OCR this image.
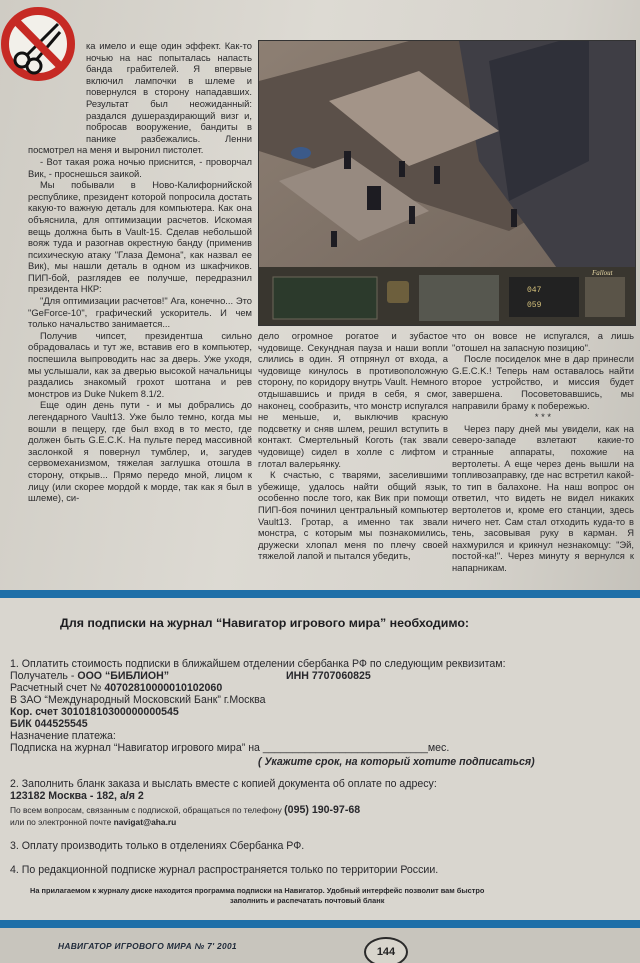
ка имело и еще один эффект. Как-то ночью на нас попыталась напасть банда грабителей. Я впервые включил лампочки в шлеме и повернулся в сторону нападавших. Результат был неожиданный: раздался душераздирающий визг и, побросав вооружение, бандиты в панике разбежались. Ленни посмотрел на меня и выронил пистолет.

- Вот такая рожа ночью приснится, - проворчал Вик, - проснешься заикой.

Мы побывали в Ново-Калифорнийской республике, президент которой попросила достать какую-то важную деталь для компьютера. Как она объяснила, для оптимизации расчетов. Искомая вещь должна быть в Vault-15. Сделав небольшой вояж туда и разогнав окрестную банду (применив психическую атаку "Глаза Демона", как назвал ее Вик), мы нашли деталь в одном из шкафчиков. ПИП-бой, разглядев ее получше, передразнил президента НКР:

"Для оптимизации расчетов!" Ага, конечно... Это "GeForce-10", графический ускоритель. И чем только начальство занимается...

Получив чипсет, президентша сильно обрадовалась и тут же, вставив его в компьютер, поспешила выпроводить нас за дверь. Уже уходя, мы услышали, как за дверью высокой начальницы раздались знакомый грохот шотгана и рев монстров из Duke Nukem 8.1/2.

Еще один день пути - и мы добрались до легендарного Vault13. Уже было темно, когда мы вошли в пещеру, где был вход в то место, где должен быть G.E.C.K. На пульте перед массивной заслонкой я повернул тумблер, и, загудев сервомеханизмом, тяжелая заглушка отошла в сторону, открыв... Прямо передо мной, лицом к лицу (или скорее мордой к морде, так как я был в шлеме), си-

047
059
Fallout

дело огромное рогатое и зубастое чудовище. Секундная пауза и наши вопли слились в один. Я отпрянул от входа, а чудовище кинулось в противоположную сторону, по коридору внутрь Vault. Немного отдышавшись и придя в себя, я смог, наконец, сообразить, что монстр испугался не меньше, и, выключив красную подсветку и сняв шлем, решил вступить в контакт. Смертельный Коготь (так звали чудовище) сидел в холле с лифтом и глотал валерьянку.

К счастью, с тварями, заселившими убежище, удалось найти общий язык, особенно после того, как Вик при помощи ПИП-боя починил центральный компьютер Vault13. Гротар, а именно так звали монстра, с которым мы познакомились, дружески хлопал меня по плечу своей тяжелой лапой и пытался убедить,

что он вовсе не испугался, а лишь "отошел на запасную позицию".

После посиделок мне в дар принесли G.E.C.K.! Теперь нам оставалось найти второе устройство, и миссия будет завершена. Посоветовавшись, мы направили браму к побережью.

* * *

Через пару дней мы увидели, как на северо-западе взлетают какие-то странные аппараты, похожие на вертолеты. А еще через день вышли на топливозаправку, где нас встретил какой-то тип в балахоне. На наш вопрос он ответил, что видеть не видел никаких вертолетов и, кроме его станции, здесь ничего нет. Сам стал отходить куда-то в тень, засовывая руку в карман. Я нахмурился и крикнул незнакомцу: "Эй, постой-ка!". Через минуту я вернулся к напарникам.

Для подписки на журнал “Навигатор игрового мира” необходимо:
1. Оплатить стоимость подписки в ближайшем отделении сбербанка РФ по следующим реквизитам:
Получатель - ООО “БИБЛИОН”	ИНН 7707060825
Расчетный счет № 40702810000010102060
В ЗАО “Международный Московский Банк” г.Москва
Кор. счет 30101810300000000545
БИК 044525545
Назначение платежа:
Подписка на журнал “Навигатор игрового мира” на ____________________________мес.
( Укажите срок, на который хотите подписаться)
2. Заполнить бланк заказа и выслать вместе с копией документа об оплате по адресу:
123182 Москва - 182, а/я 2
По всем вопросам, связанным с подпиской, обращаться по телефону (095) 190-97-68
или по электронной почте navigat@aha.ru
3. Оплату производить только в отделениях Сбербанка РФ.
4. По редакционной подписке журнал распространяется только по территории России.
На прилагаемом к журналу диске находится программа подписки на Навигатор. Удобный интерфейс позволит вам быстро
заполнить и распечатать почтовый бланк
НАВИГАТОР ИГРОВОГО МИРА № 7' 2001	144
